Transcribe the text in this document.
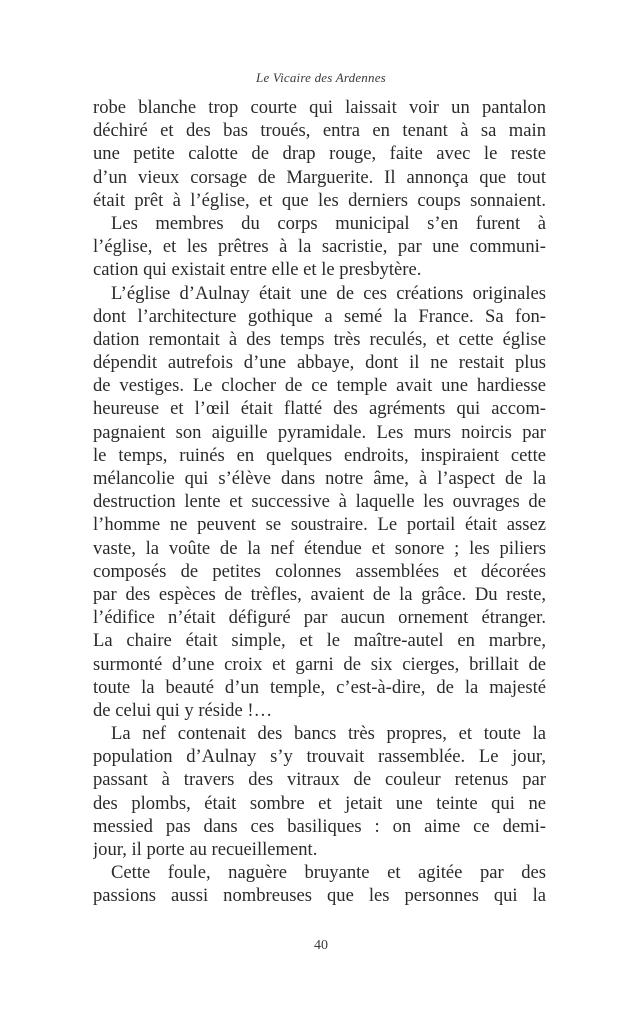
Le Vicaire des Ardennes
robe blanche trop courte qui laissait voir un pantalon
déchiré et des bas troués, entra en tenant à sa main
une petite calotte de drap rouge, faite avec le reste
d’un vieux corsage de Marguerite. Il annonça que tout
était prêt à l’église, et que les derniers coups sonnaient.
Les membres du corps municipal s’en furent à
l’église, et les prêtres à la sacristie, par une communi-
cation qui existait entre elle et le presbytère.
L’église d’Aulnay était une de ces créations originales
dont l’architecture gothique a semé la France. Sa fon-
dation remontait à des temps très reculés, et cette église
dépendit autrefois d’une abbaye, dont il ne restait plus
de vestiges. Le clocher de ce temple avait une hardiesse
heureuse et l’œil était flatté des agréments qui accom-
pagnaient son aiguille pyramidale. Les murs noircis par
le temps, ruinés en quelques endroits, inspiraient cette
mélancolie qui s’élève dans notre âme, à l’aspect de la
destruction lente et successive à laquelle les ouvrages de
l’homme ne peuvent se soustraire. Le portail était assez
vaste, la voûte de la nef étendue et sonore ; les piliers
composés de petites colonnes assemblées et décorées
par des espèces de trèfles, avaient de la grâce. Du reste,
l’édifice n’était défiguré par aucun ornement étranger.
La chaire était simple, et le maître-autel en marbre,
surmonté d’une croix et garni de six cierges, brillait de
toute la beauté d’un temple, c’est-à-dire, de la majesté
de celui qui y réside !…
La nef contenait des bancs très propres, et toute la
population d’Aulnay s’y trouvait rassemblée. Le jour,
passant à travers des vitraux de couleur retenus par
des plombs, était sombre et jetait une teinte qui ne
messied pas dans ces basiliques : on aime ce demi-
jour, il porte au recueillement.
Cette foule, naguère bruyante et agitée par des
passions aussi nombreuses que les personnes qui la
40
